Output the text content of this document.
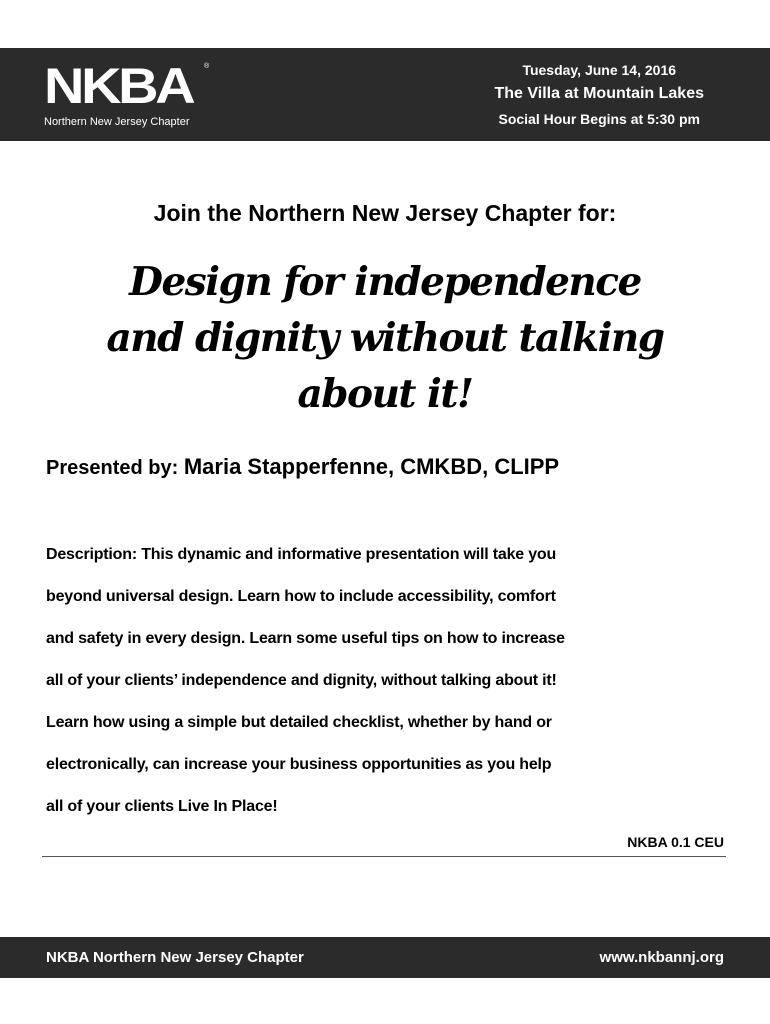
NKBA ®
Northern New Jersey Chapter
Tuesday, June 14, 2016
The Villa at Mountain Lakes
Social Hour Begins at 5:30 pm
Join the Northern New Jersey Chapter for:
Design for independence
and dignity without talking
about it!
Presented by: Maria Stapperfenne, CMKBD, CLIPP
Description: This dynamic and informative presentation will take you
beyond universal design. Learn how to include accessibility, comfort
and safety in every design. Learn some useful tips on how to increase
all of your clients’ independence and dignity, without talking about it!
Learn how using a simple but detailed checklist, whether by hand or
electronically, can increase your business opportunities as you help
all of your clients Live In Place!
NKBA 0.1 CEU
NKBA Northern New Jersey Chapter	www.nkbannj.org
